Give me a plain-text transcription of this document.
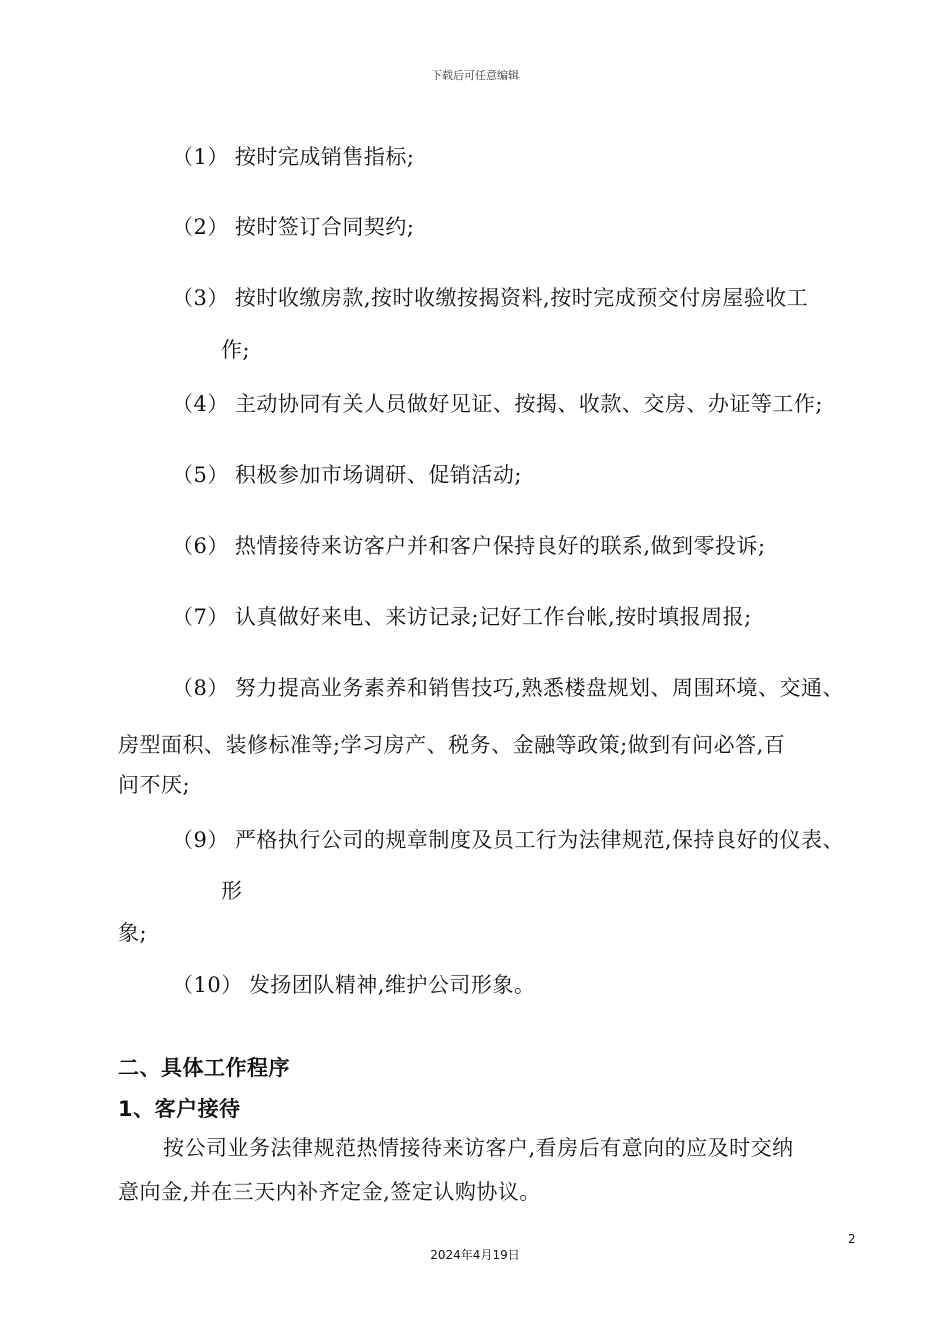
下载后可任意编辑
（1） 按时完成销售指标;
（2） 按时签订合同契约;
（3） 按时收缴房款,按时收缴按揭资料,按时完成预交付房屋验收工
作;
（4） 主动协同有关人员做好见证、按揭、收款、交房、办证等工作;
（5） 积极参加市场调研、促销活动;
（6） 热情接待来访客户并和客户保持良好的联系,做到零投诉;
（7） 认真做好来电、来访记录;记好工作台帐,按时填报周报;
（8） 努力提高业务素养和销售技巧,熟悉楼盘规划、周围环境、交通、
房型面积、装修标准等;学习房产、税务、金融等政策;做到有问必答,百
问不厌;
（9） 严格执行公司的规章制度及员工行为法律规范,保持良好的仪表、
形
象;
（10） 发扬团队精神,维护公司形象。
二、具体工作程序
1、客户接待
按公司业务法律规范热情接待来访客户,看房后有意向的应及时交纳
意向金,并在三天内补齐定金,签定认购协议。
2
2024年4月19日
